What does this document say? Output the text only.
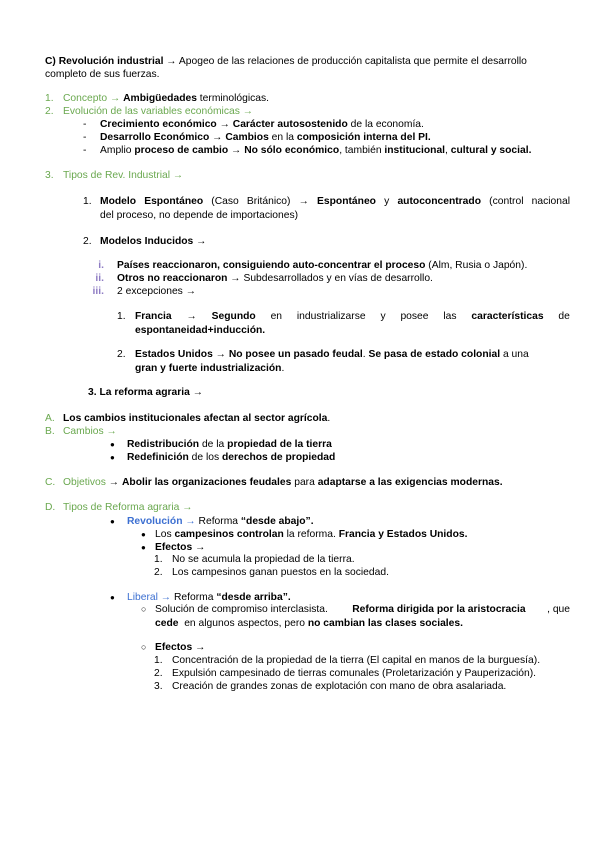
C) Revolución industrial → Apogeo de las relaciones de producción capitalista que permite el desarrollo
completo de sus fuerzas.
1. Concepto → Ambigüedades terminológicas.
2. Evolución de las variables económicas →
- Crecimiento económico → Carácter autosostenido de la economía.
- Desarrollo Económico → Cambios en la composición interna del PI.
- Amplio proceso de cambio → No sólo económico, también institucional, cultural y social.
3. Tipos de Rev. Industrial →
1. Modelo Espontáneo (Caso Británico) → Espontáneo y autoconcentrado (control nacional
del proceso, no depende de importaciones)
2. Modelos Inducidos →
i. Países reaccionaron, consiguiendo auto-concentrar el proceso (Alm, Rusia o Japón).
ii. Otros no reaccionaron → Subdesarrollados y en vías de desarrollo.
iii. 2 excepciones →
1. Francia → Segundo en industrializarse y posee las características de
espontaneidad+inducción.
2. Estados Unidos → No posee un pasado feudal. Se pasa de estado colonial a una
gran y fuerte industrialización.
3. La reforma agraria →
A. Los cambios institucionales afectan al sector agrícola.
B. Cambios →
● Redistribución de la propiedad de la tierra
● Redefinición de los derechos de propiedad
C. Objetivos → Abolir las organizaciones feudales para adaptarse a las exigencias modernas.
D. Tipos de Reforma agraria →
● Revolución → Reforma “desde abajo”.
● Los campesinos controlan la reforma. Francia y Estados Unidos.
● Efectos →
1. No se acumula la propiedad de la tierra.
2. Los campesinos ganan puestos en la sociedad.
● Liberal → Reforma “desde arriba”.
○ Solución de compromiso interclasista. Reforma dirigida por la aristocracia , que
cede  en algunos aspectos, pero no cambian las clases sociales.
○ Efectos →
1. Concentración de la propiedad de la tierra (El capital en manos de la burguesía).
2. Expulsión campesinado de tierras comunales (Proletarización y Pauperización).
3. Creación de grandes zonas de explotación con mano de obra asalariada.
